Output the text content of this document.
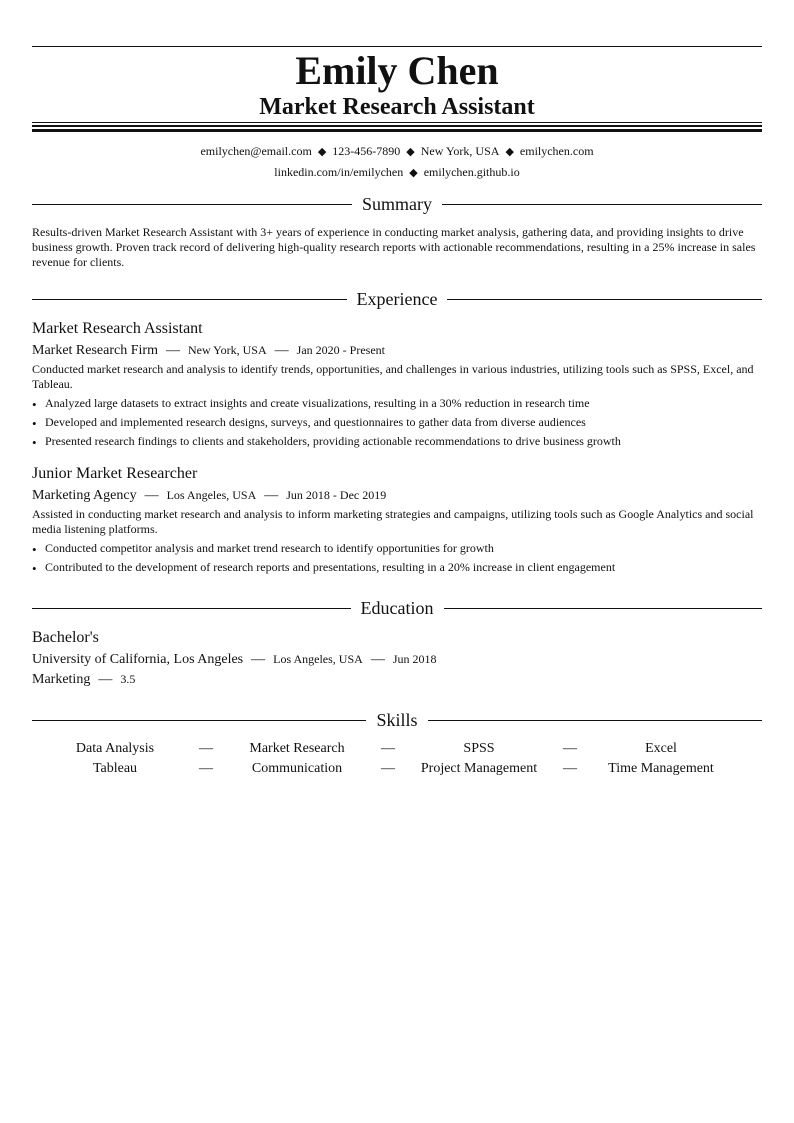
Emily Chen
Market Research Assistant
emilychen@email.com ◆ 123-456-7890 ◆ New York, USA ◆ emilychen.com
linkedin.com/in/emilychen ◆ emilychen.github.io
Summary
Results-driven Market Research Assistant with 3+ years of experience in conducting market analysis, gathering data, and providing insights to drive business growth. Proven track record of delivering high-quality research reports with actionable recommendations, resulting in a 25% increase in sales revenue for clients.
Experience
Market Research Assistant
Market Research Firm — New York, USA — Jan 2020 - Present
Conducted market research and analysis to identify trends, opportunities, and challenges in various industries, utilizing tools such as SPSS, Excel, and Tableau.
• Analyzed large datasets to extract insights and create visualizations, resulting in a 30% reduction in research time
• Developed and implemented research designs, surveys, and questionnaires to gather data from diverse audiences
• Presented research findings to clients and stakeholders, providing actionable recommendations to drive business growth
Junior Market Researcher
Marketing Agency — Los Angeles, USA — Jun 2018 - Dec 2019
Assisted in conducting market research and analysis to inform marketing strategies and campaigns, utilizing tools such as Google Analytics and social media listening platforms.
• Conducted competitor analysis and market trend research to identify opportunities for growth
• Contributed to the development of research reports and presentations, resulting in a 20% increase in client engagement
Education
Bachelor's
University of California, Los Angeles — Los Angeles, USA — Jun 2018
Marketing — 3.5
Skills
Data Analysis	—	Market Research	—	SPSS	—	Excel
Tableau	—	Communication	—	Project Management	—	Time Management
